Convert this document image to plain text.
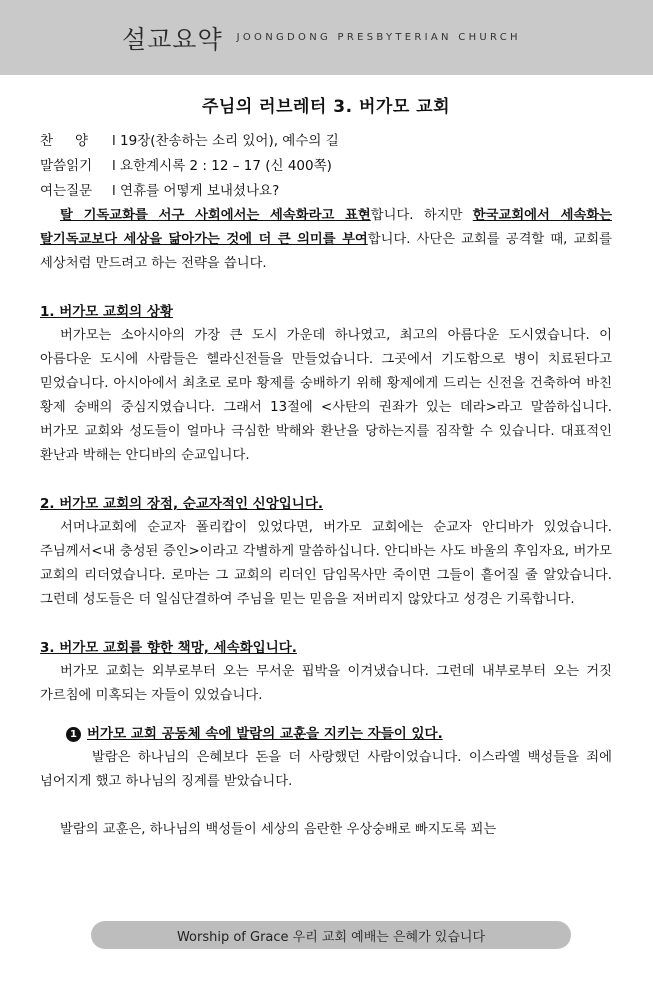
설교요약 JOONGDONG PRESBYTERIAN CHURCH
주님의 러브레터 3. 버가모 교회
찬 양 l 19장(찬송하는 소리 있어), 예수의 길
말씀읽기	l 요한계시록 2 : 12 – 17 (신 400쪽)
여는질문	l 연휴를 어떻게 보내셨나요?

탈 기독교화를 서구 사회에서는 세속화라고 표현합니다. 하지만 한국교회에서 세속화는 탈기독교보다 세상을 닮아가는 것에 더 큰 의미를 부여합니다. 사단은 교회를 공격할 때, 교회를 세상처럼 만드려고 하는 전략을 씁니다.

1. 버가모 교회의 상황

버가모는 소아시아의 가장 큰 도시 가운데 하나였고, 최고의 아름다운 도시였습니다. 이 아름다운 도시에 사람들은 헬라신전들을 만들었습니다. 그곳에서 기도함으로 병이 치료된다고 믿었습니다. 아시아에서 최초로 로마 황제를 숭배하기 위해 황제에게 드리는 신전을 건축하여 바친 황제 숭배의 중심지였습니다. 그래서 13절에 <사탄의 권좌가 있는 데라>라고 말씀하십니다. 버가모 교회와 성도들이 얼마나 극심한 박해와 환난을 당하는지를 짐작할 수 있습니다. 대표적인 환난과 박해는 안디바의 순교입니다.

2. 버가모 교회의 장점, 순교자적인 신앙입니다.

서머나교회에 순교자 폴리캅이 있었다면, 버가모 교회에는 순교자 안디바가 있었습니다. 주님께서<내 충성된 증인>이라고 각별하게 말씀하십니다. 안디바는 사도 바울의 후임자요, 버가모 교회의 리더였습니다. 로마는 그 교회의 리더인 담임목사만 죽이면 그들이 흩어질 줄 알았습니다. 그런데 성도들은 더 일심단결하여 주님을 믿는 믿음을 저버리지 않았다고 성경은 기록합니다.

3. 버가모 교회를 향한 책망, 세속화입니다.

버가모 교회는 외부로부터 오는 무서운 핍박을 이겨냈습니다. 그런데 내부로부터 오는 거짓 가르침에 미혹되는 자들이 있었습니다.

1 버가모 교회 공동체 속에 발람의 교훈을 지키는 자들이 있다.

발람은 하나님의 은혜보다 돈을 더 사랑했던 사람이었습니다. 이스라엘 백성들을 죄에 넘어지게 했고 하나님의 징계를 받았습니다.

발람의 교훈은, 하나님의 백성들이 세상의 음란한 우상숭배로 빠지도록 꾀는

Worship of Grace 우리 교회 예배는 은혜가 있습니다
